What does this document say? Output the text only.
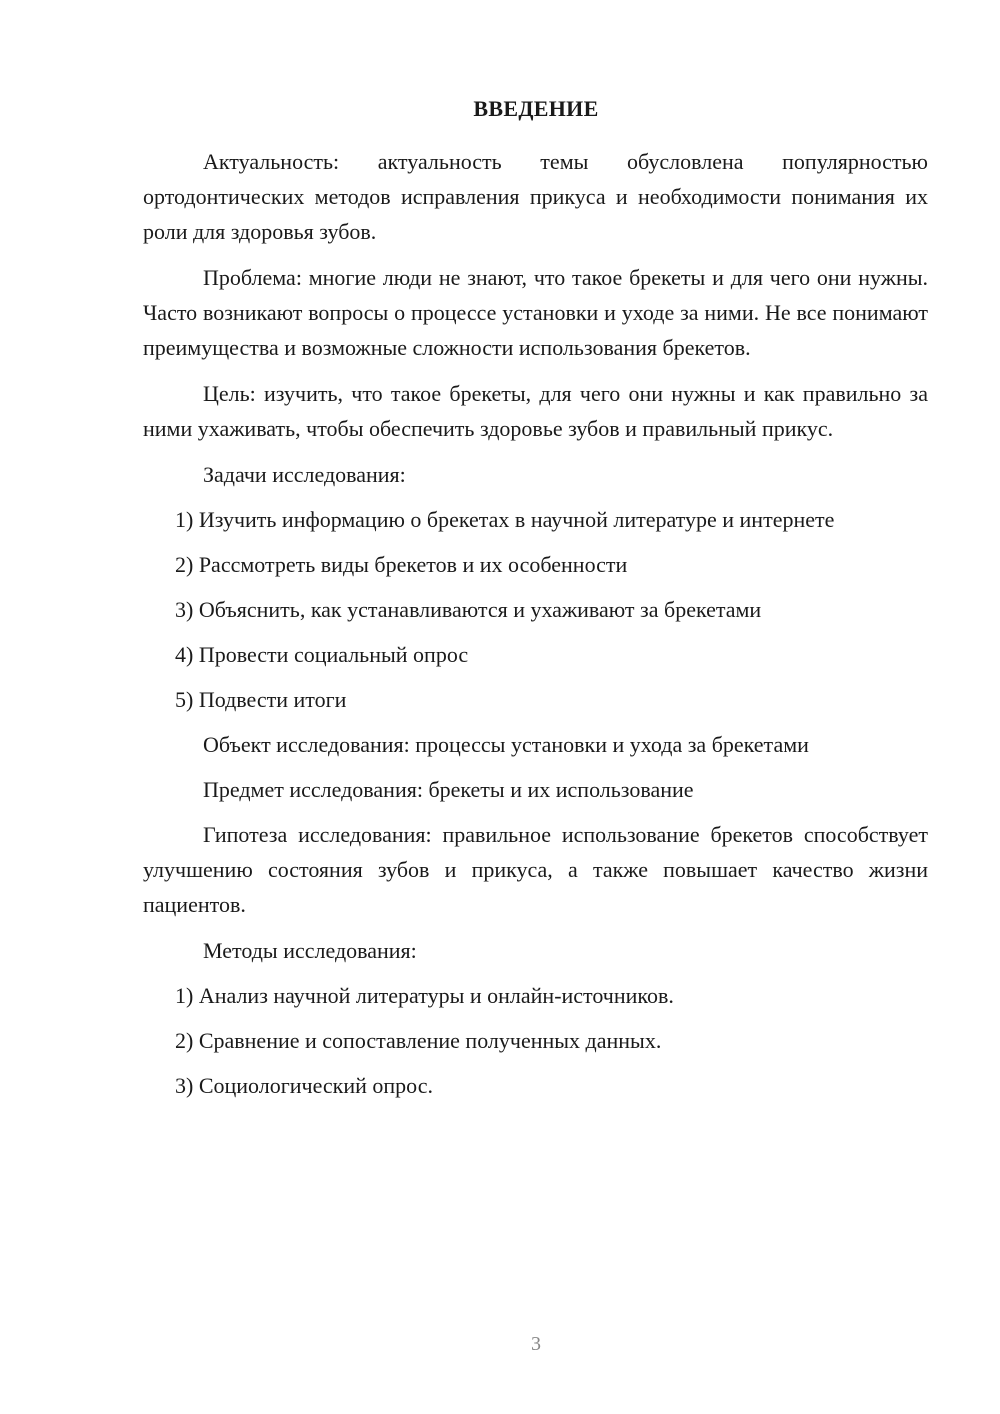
ВВЕДЕНИЕ

Актуальность: актуальность темы обусловлена популярностью ортодонтических методов исправления прикуса и необходимости понимания их роли для здоровья зубов.

Проблема: многие люди не знают, что такое брекеты и для чего они нужны. Часто возникают вопросы о процессе установки и уходе за ними. Не все понимают преимущества и возможные сложности использования брекетов.

Цель: изучить, что такое брекеты, для чего они нужны и как правильно за ними ухаживать, чтобы обеспечить здоровье зубов и правильный прикус.

Задачи исследования:

1) Изучить информацию о брекетах в научной литературе и интернете

2) Рассмотреть виды брекетов и их особенности

3) Объяснить, как устанавливаются и ухаживают за брекетами

4) Провести социальный опрос

5) Подвести итоги

Объект исследования: процессы установки и ухода за брекетами

Предмет исследования: брекеты и их использование

Гипотеза исследования: правильное использование брекетов способствует улучшению состояния зубов и прикуса, а также повышает качество жизни пациентов.

Методы исследования:

1) Анализ научной литературы и онлайн-источников.

2) Сравнение и сопоставление полученных данных.

3) Социологический опрос.

3
